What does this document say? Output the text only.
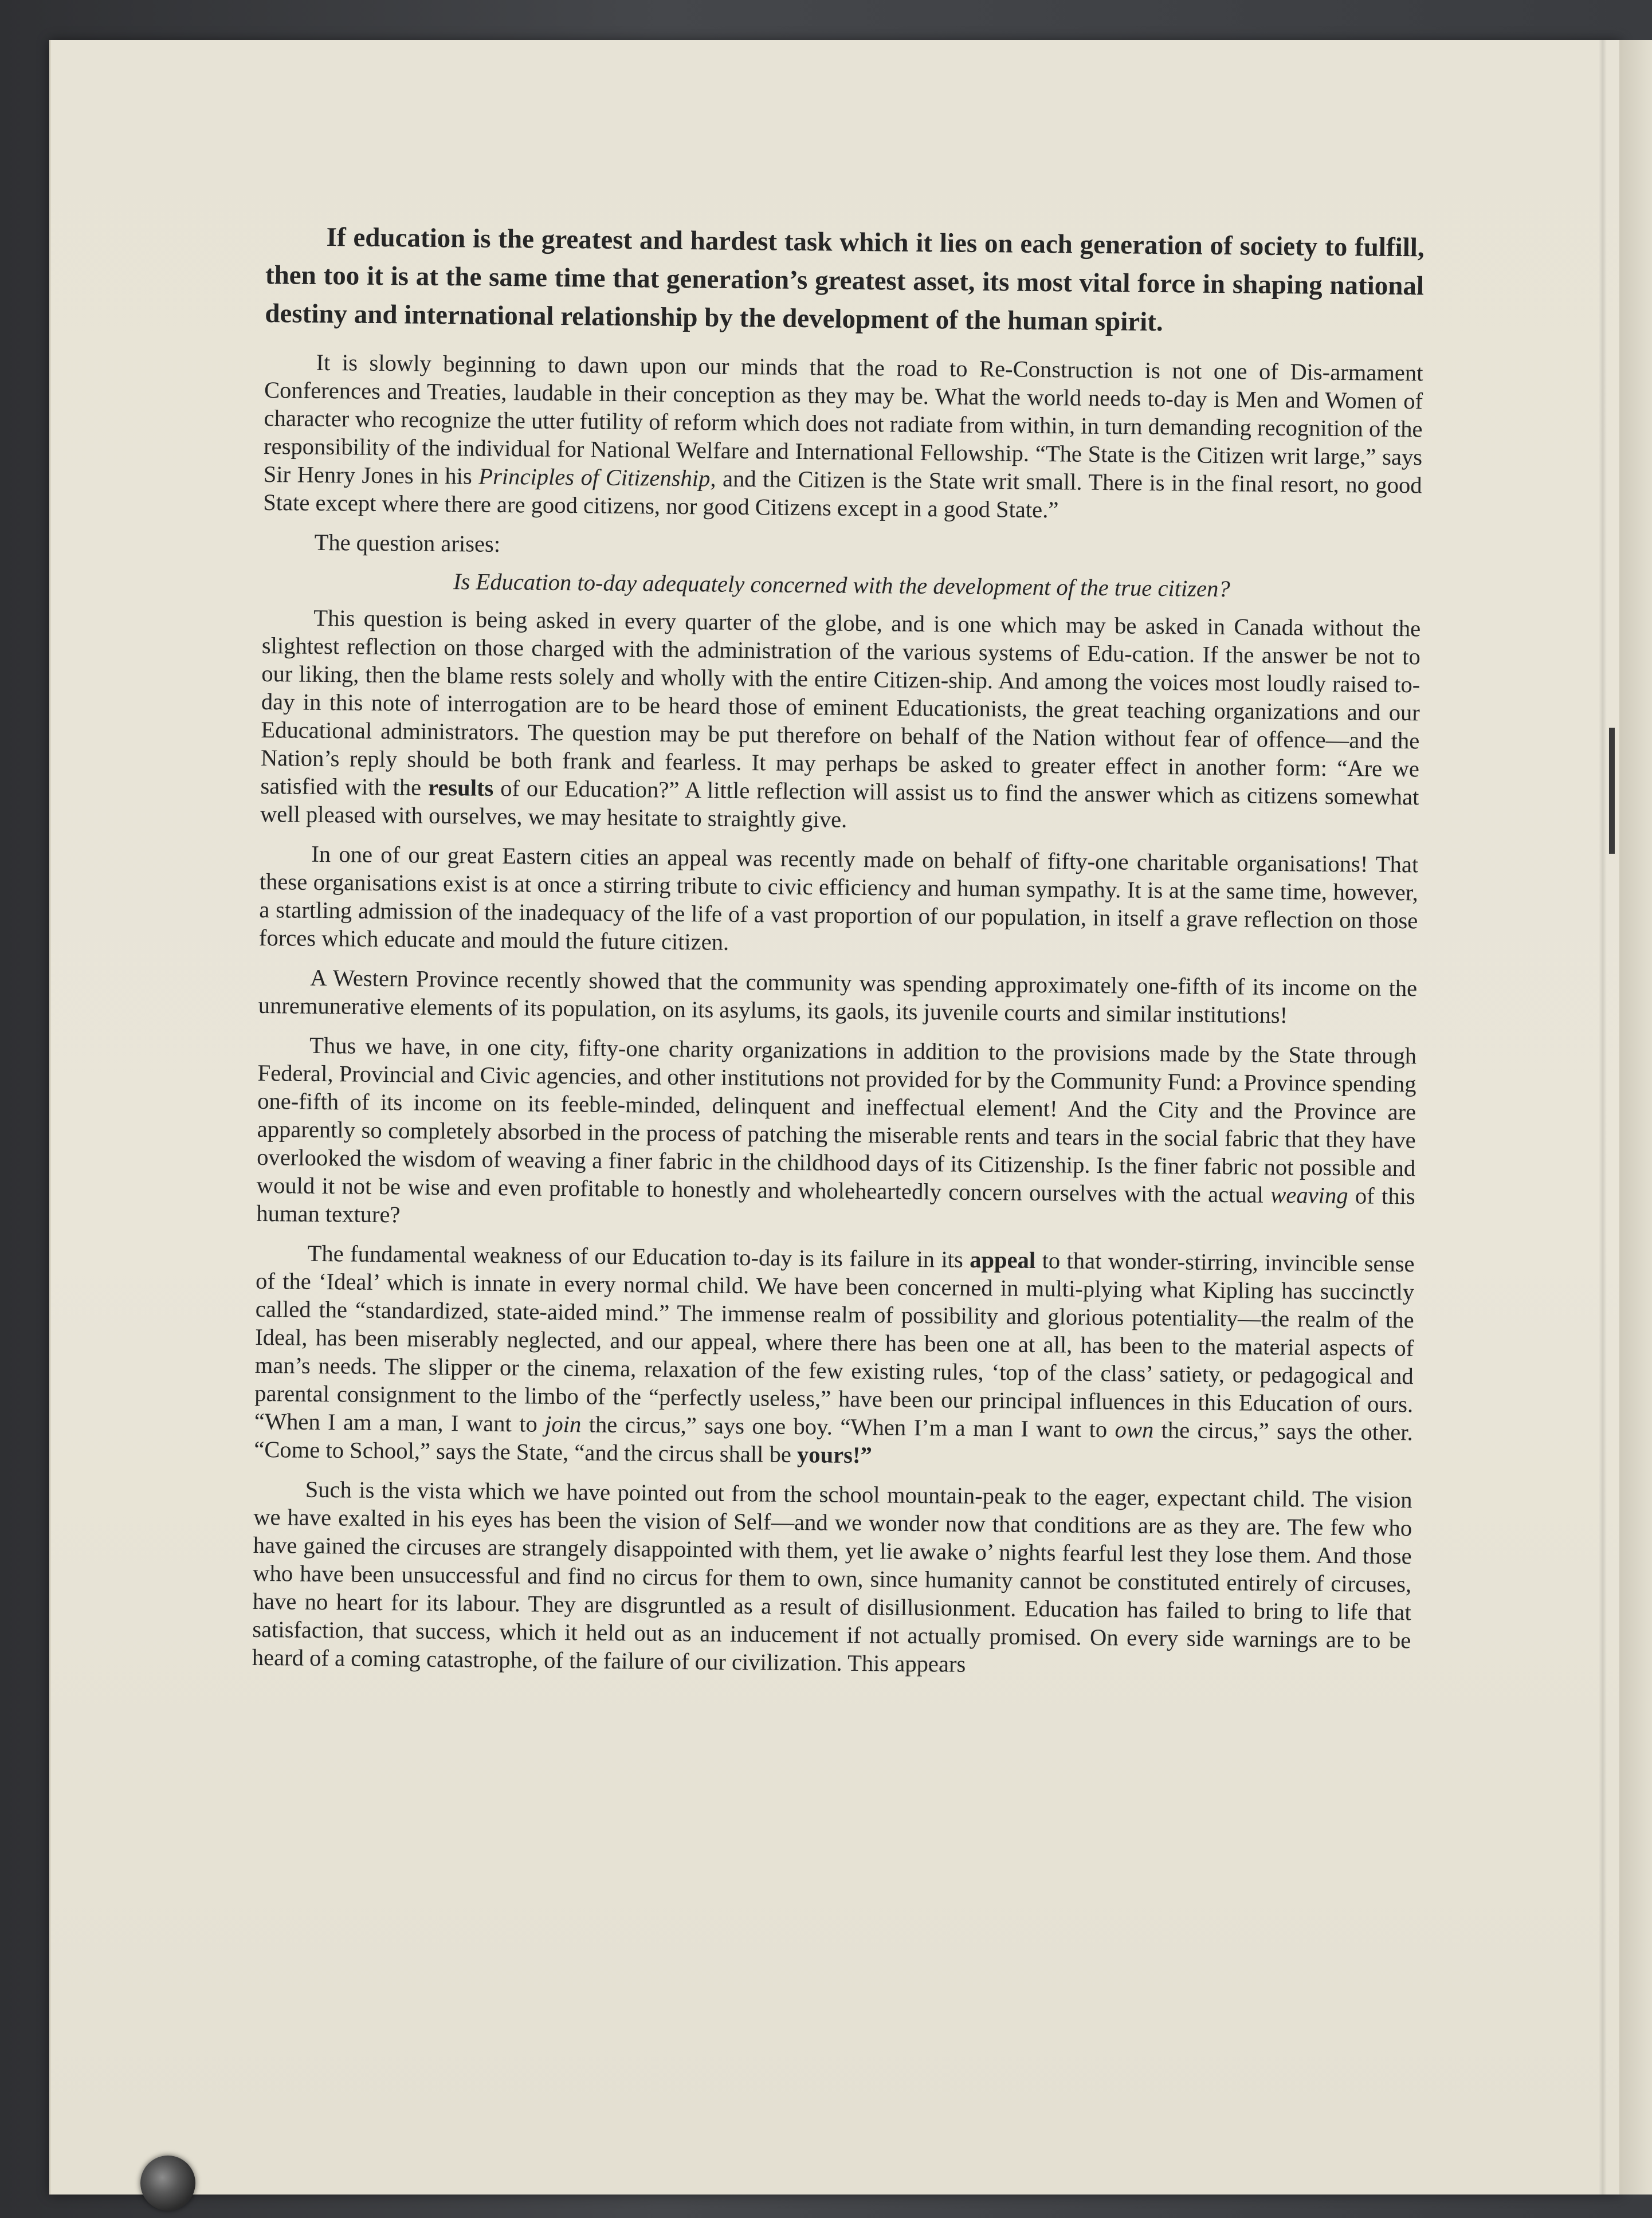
If education is the greatest and hardest task which it lies on each generation of society to fulfill, then too it is at the same time that generation’s greatest asset, its most vital force in shaping national destiny and international relationship by the development of the human spirit.

It is slowly beginning to dawn upon our minds that the road to Re-Construction is not one of Dis-armament Conferences and Treaties, laudable in their conception as they may be. What the world needs to-day is Men and Women of character who recognize the utter futility of reform which does not radiate from within, in turn demanding recognition of the responsibility of the individual for National Welfare and International Fellowship. “The State is the Citizen writ large,” says Sir Henry Jones in his Principles of Citizenship, and the Citizen is the State writ small. There is in the final resort, no good State except where there are good citizens, nor good Citizens except in a good State.”

The question arises:

Is Education to-day adequately concerned with the development of the true citizen?

This question is being asked in every quarter of the globe, and is one which may be asked in Canada without the slightest reflection on those charged with the administration of the various systems of Edu-cation. If the answer be not to our liking, then the blame rests solely and wholly with the entire Citizen-ship. And among the voices most loudly raised to-day in this note of interrogation are to be heard those of eminent Educationists, the great teaching organizations and our Educational administrators. The question may be put therefore on behalf of the Nation without fear of offence—and the Nation’s reply should be both frank and fearless. It may perhaps be asked to greater effect in another form: “Are we satisfied with the results of our Education?” A little reflection will assist us to find the answer which as citizens somewhat well pleased with ourselves, we may hesitate to straightly give.

In one of our great Eastern cities an appeal was recently made on behalf of fifty-one charitable organisations! That these organisations exist is at once a stirring tribute to civic efficiency and human sympathy. It is at the same time, however, a startling admission of the inadequacy of the life of a vast proportion of our population, in itself a grave reflection on those forces which educate and mould the future citizen.

A Western Province recently showed that the community was spending approximately one-fifth of its income on the unremunerative elements of its population, on its asylums, its gaols, its juvenile courts and similar institutions!

Thus we have, in one city, fifty-one charity organizations in addition to the provisions made by the State through Federal, Provincial and Civic agencies, and other institutions not provided for by the Community Fund: a Province spending one-fifth of its income on its feeble-minded, delinquent and ineffectual element! And the City and the Province are apparently so completely absorbed in the process of patching the miserable rents and tears in the social fabric that they have overlooked the wisdom of weaving a finer fabric in the childhood days of its Citizenship. Is the finer fabric not possible and would it not be wise and even profitable to honestly and wholeheartedly concern ourselves with the actual weaving of this human texture?

The fundamental weakness of our Education to-day is its failure in its appeal to that wonder-stirring, invincible sense of the ‘Ideal’ which is innate in every normal child. We have been concerned in multi-plying what Kipling has succinctly called the “standardized, state-aided mind.” The immense realm of possibility and glorious potentiality—the realm of the Ideal, has been miserably neglected, and our appeal, where there has been one at all, has been to the material aspects of man’s needs. The slipper or the cinema, relaxation of the few existing rules, ‘top of the class’ satiety, or pedagogical and parental consignment to the limbo of the “perfectly useless,” have been our principal influences in this Education of ours. “When I am a man, I want to join the circus,” says one boy. “When I’m a man I want to own the circus,” says the other. “Come to School,” says the State, “and the circus shall be yours!”

Such is the vista which we have pointed out from the school mountain-peak to the eager, expectant child. The vision we have exalted in his eyes has been the vision of Self—and we wonder now that conditions are as they are. The few who have gained the circuses are strangely disappointed with them, yet lie awake o’ nights fearful lest they lose them. And those who have been unsuccessful and find no circus for them to own, since humanity cannot be constituted entirely of circuses, have no heart for its labour. They are disgruntled as a result of disillusionment. Education has failed to bring to life that satisfaction, that success, which it held out as an inducement if not actually promised. On every side warnings are to be heard of a coming catastrophe, of the failure of our civilization. This appears
